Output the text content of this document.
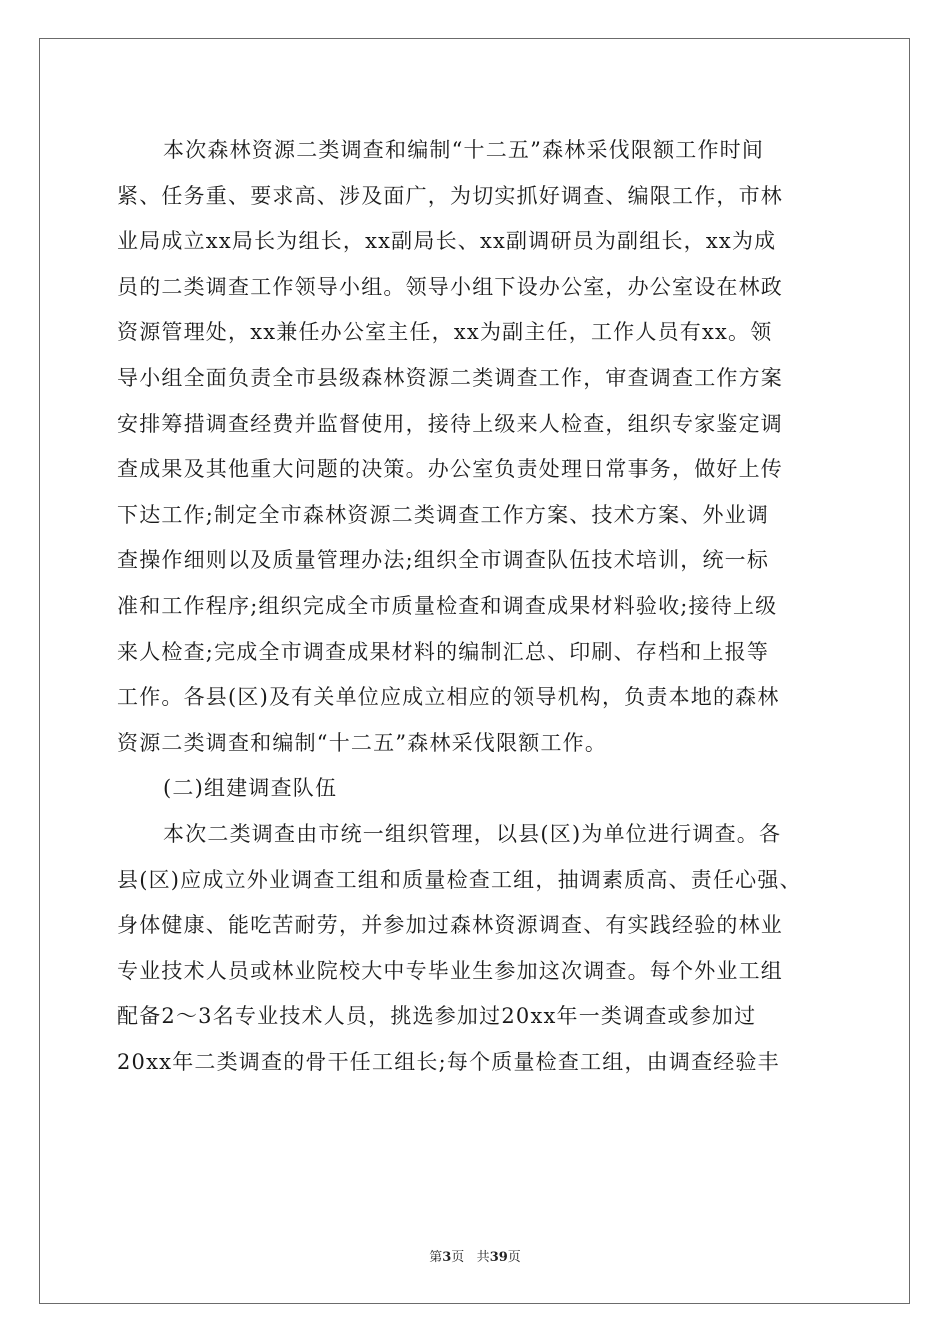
本次森林资源二类调查和编制“十二五”森林采伐限额工作时间
紧、任务重、要求高、涉及面广，为切实抓好调查、编限工作，市林
业局成立xx局长为组长，xx副局长、xx副调研员为副组长，xx为成
员的二类调查工作领导小组。领导小组下设办公室，办公室设在林政
资源管理处，xx兼任办公室主任，xx为副主任，工作人员有xx。领
导小组全面负责全市县级森林资源二类调查工作，审查调查工作方案
安排筹措调查经费并监督使用，接待上级来人检查，组织专家鉴定调
查成果及其他重大问题的决策。办公室负责处理日常事务，做好上传
下达工作;制定全市森林资源二类调查工作方案、技术方案、外业调
查操作细则以及质量管理办法;组织全市调查队伍技术培训，统一标
准和工作程序;组织完成全市质量检查和调查成果材料验收;接待上级
来人检查;完成全市调查成果材料的编制汇总、印刷、存档和上报等
工作。各县(区)及有关单位应成立相应的领导机构，负责本地的森林
资源二类调查和编制“十二五”森林采伐限额工作。
(二)组建调查队伍
本次二类调查由市统一组织管理，以县(区)为单位进行调查。各
县(区)应成立外业调查工组和质量检查工组，抽调素质高、责任心强、
身体健康、能吃苦耐劳，并参加过森林资源调查、有实践经验的林业
专业技术人员或林业院校大中专毕业生参加这次调查。每个外业工组
配备2～3名专业技术人员，挑选参加过20xx年一类调查或参加过
20xx年二类调查的骨干任工组长;每个质量检查工组，由调查经验丰
第3页 共39页
